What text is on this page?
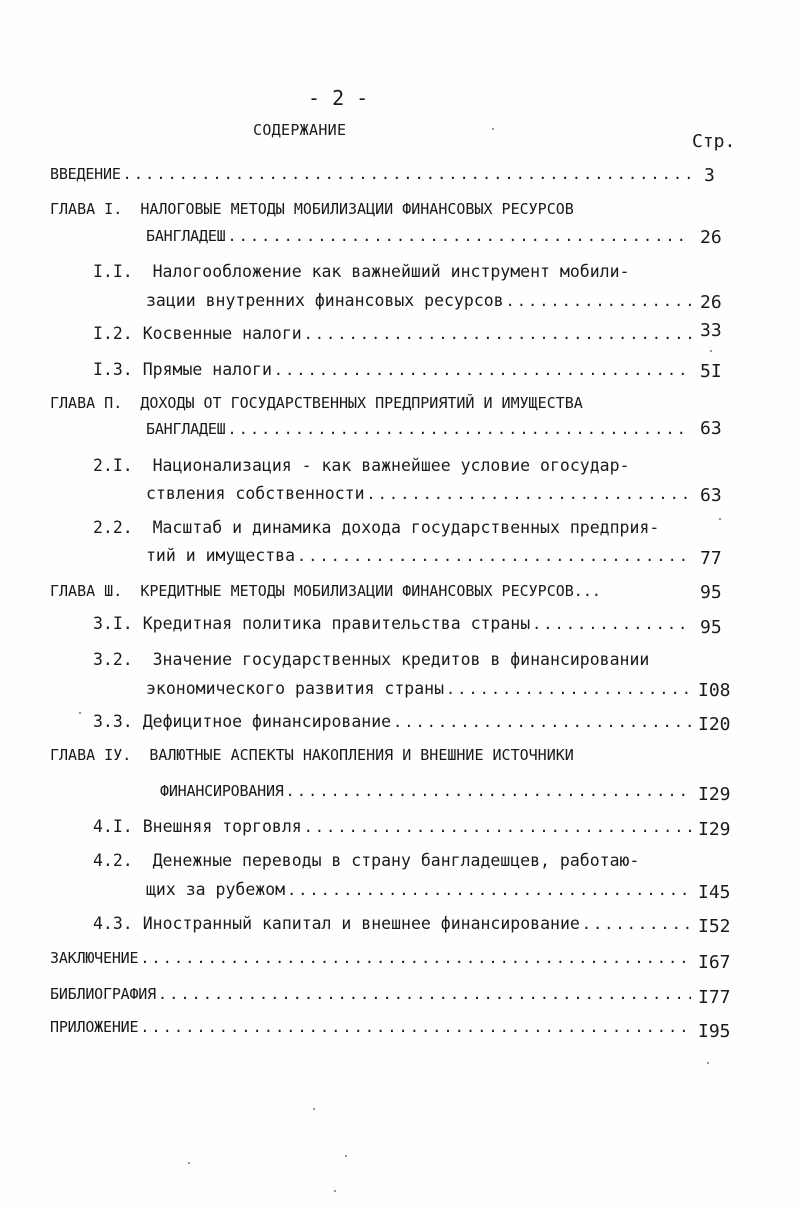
- 2 -
СОДЕРЖАНИЕ
Стр.
ВВЕДЕНИЕ .....	3
ГЛАВА I. НАЛОГОВЫЕ МЕТОДЫ МОБИЛИЗАЦИИ ФИНАНСОВЫХ РЕСУРСОВ
БАНГЛАДЕШ .....	26
I.I. Налогообложение как важнейший инструмент мобили-
зации внутренних финансовых ресурсов .....	26
I.2. Косвенные налоги .....	33
I.3. Прямые налоги .....	5I
ГЛАВА П. ДОХОДЫ ОТ ГОСУДАРСТВЕННЫХ ПРЕДПРИЯТИЙ И ИМУЩЕСТВА
БАНГЛАДЕШ .....	63
2.I. Национализация - как важнейшее условие огосудар-
ствления собственности .....	63
2.2. Масштаб и динамика дохода государственных предприя-
тий и имущества .....	77
ГЛАВА Ш. КРЕДИТНЫЕ МЕТОДЫ МОБИЛИЗАЦИИ ФИНАНСОВЫХ РЕСУРСОВ...	95
3.I. Кредитная политика правительства страны .....	95
3.2. Значение государственных кредитов в финансировании
экономического развития страны .....	I08
3.3. Дефицитное финансирование .....	I20
ГЛАВА IУ. ВАЛЮТНЫЕ АСПЕКТЫ НАКОПЛЕНИЯ И ВНЕШНИЕ ИСТОЧНИКИ
ФИНАНСИРОВАНИЯ .....	I29
4.I. Внешняя торговля .....	I29
4.2. Денежные переводы в страну бангладешцев, работаю-
щих за рубежом .....	I45
4.3. Иностранный капитал и внешнее финансирование .....	I52
ЗАКЛЮЧЕНИЕ .....	I67
БИБЛИОГРАФИЯ .....	I77
ПРИЛОЖЕНИЕ .....	I95
